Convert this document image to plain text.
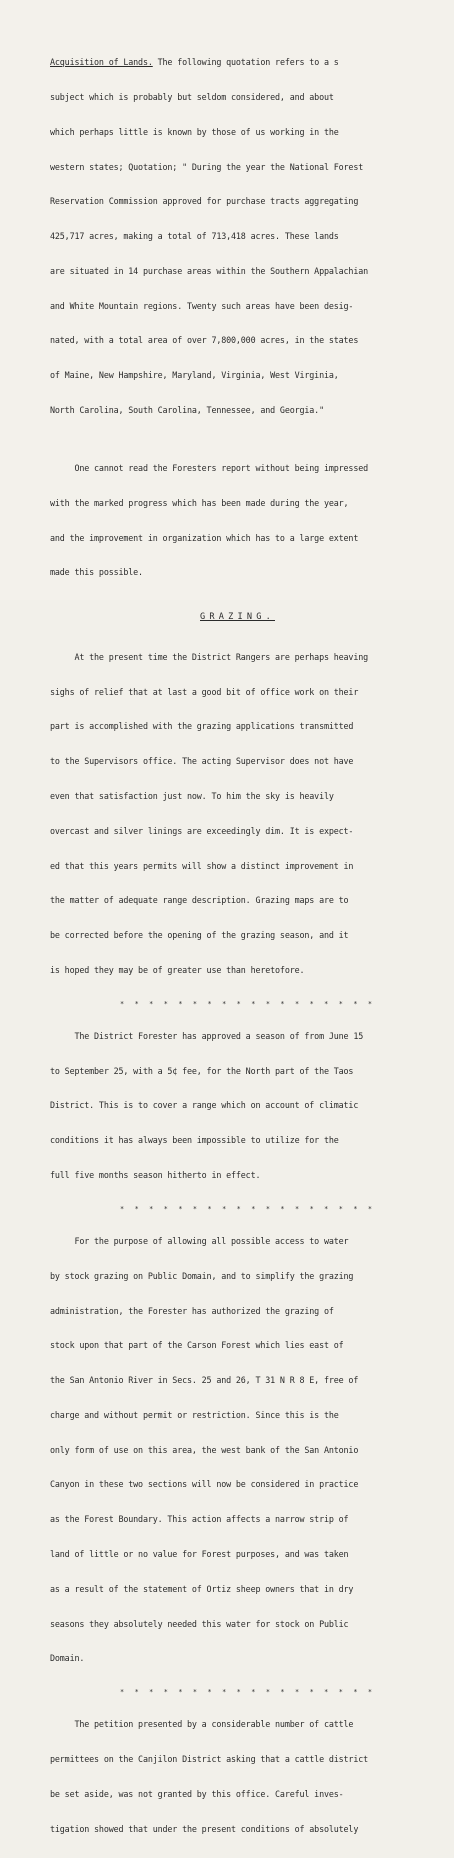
Acquisition of Lands. The following quotation refers to a s

subject which is probably but seldom considered, and about

which perhaps little is known by those of us working in the

western states; Quotation; " During the year the National Forest

Reservation Commission approved for purchase tracts aggregating

425,717 acres, making a total of 713,418 acres. These lands

are situated in 14 purchase areas within the Southern Appalachian

and White Mountain regions. Twenty such areas have been desig-

nated, with a total area of over 7,800,000 acres, in the states

of Maine, New Hampshire, Maryland, Virginia, West Virginia,

North Carolina, South Carolina, Tennessee, and Georgia."

One cannot read the Foresters report without being impressed

with the marked progress which has been made during the year,

and the improvement in organization which has to a large extent

made this possible.

GRAZING.

At the present time the District Rangers are perhaps heaving

sighs of relief that at last a good bit of office work on their

part is accomplished with the grazing applications transmitted

to the Supervisors office. The acting Supervisor does not have

even that satisfaction just now. To him the sky is heavily

overcast and silver linings are exceedingly dim. It is expect-

ed that this years permits will show a distinct improvement in

the matter of adequate range description. Grazing maps are to

be corrected before the opening of the grazing season, and it

is hoped they may be of greater use than heretofore.

* * * * * * * * * * * * * * * * * *

The District Forester has approved a season of from June 15

to September 25, with a 5¢ fee, for the North part of the Taos

District. This is to cover a range which on account of climatic

conditions it has always been impossible to utilize for the

full five months season hitherto in effect.

* * * * * * * * * * * * * * * * * *

For the purpose of allowing all possible access to water

by stock grazing on Public Domain, and to simplify the grazing

administration, the Forester has authorized the grazing of

stock upon that part of the Carson Forest which lies east of

the San Antonio River in Secs. 25 and 26, T 31 N R 8 E, free of

charge and without permit or restriction. Since this is the

only form of use on this area, the west bank of the San Antonio

Canyon in these two sections will now be considered in practice

as the Forest Boundary. This action affects a narrow strip of

land of little or no value for Forest purposes, and was taken

as a result of the statement of Ortiz sheep owners that in dry

seasons they absolutely needed this water for stock on Public

Domain.

* * * * * * * * * * * * * * * * * *

The petition presented by a considerable number of cattle

permittees on the Canjilon District asking that a cattle district

be set aside, was not granted by this office. Careful inves-

tigation showed that under the present conditions of absolutely
